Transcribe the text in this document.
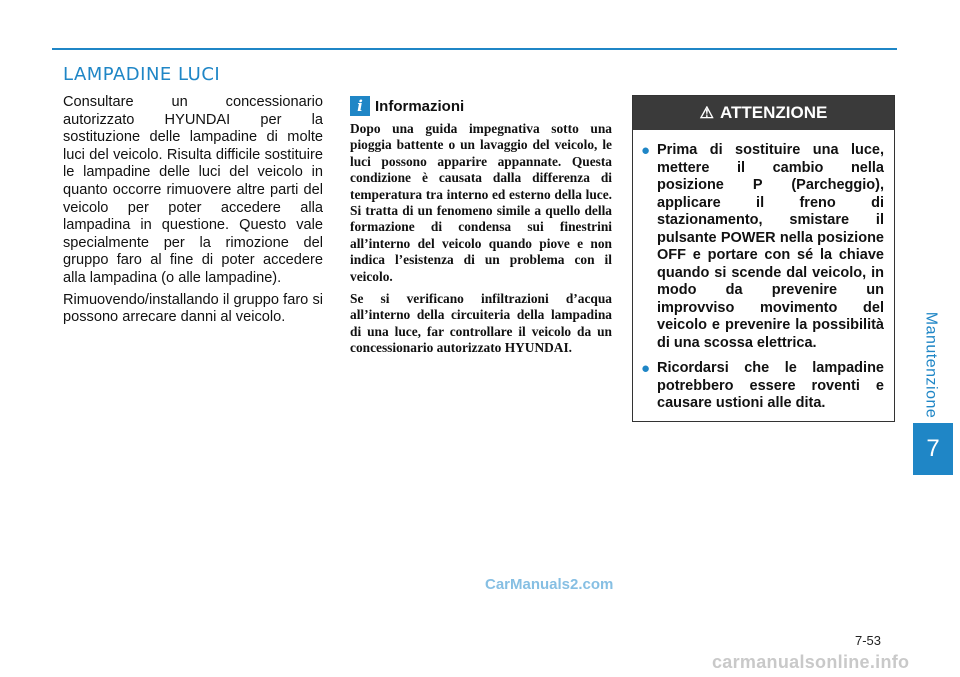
Manutenzione
7
LAMPADINE LUCI

Consultare un concessionario autorizzato HYUNDAI per la sostituzione delle lampadine di molte luci del veicolo. Risulta difficile sostituire le lampadine delle luci del veicolo in quanto occorre rimuovere altre parti del veicolo per poter accedere alla lampadina in questione. Questo vale specialmente per la rimozione del gruppo faro al fine di poter accedere alla lampadina (o alle lampadine).

Rimuovendo/installando il gruppo faro si possono arrecare danni al veicolo.

i Informazioni

Dopo una guida impegnativa sotto una pioggia battente o un lavaggio del veicolo, le luci possono apparire appannate. Questa condizione è causata dalla differenza di temperatura tra interno ed esterno della luce. Si tratta di un fenomeno simile a quello della formazione di condensa sui finestrini all’interno del veicolo quando piove e non indica l’esistenza di un problema con il veicolo.

Se si verificano infiltrazioni d’acqua all’interno della circuiteria della lampadina di una luce, far controllare il veicolo da un concessionario autorizzato HYUNDAI.

⚠ ATTENZIONE
● Prima di sostituire una luce, mettere il cambio nella posizione P (Parcheggio), applicare il freno di stazionamento, smistare il pulsante POWER nella posizione OFF e portare con sé la chiave quando si scende dal veicolo, in modo da prevenire un improvviso movimento del veicolo e prevenire la possibilità di una scossa elettrica.
● Ricordarsi che le lampadine potrebbero essere roventi e causare ustioni alle dita.
CarManuals2.com
7-53
carmanualsonline.info
